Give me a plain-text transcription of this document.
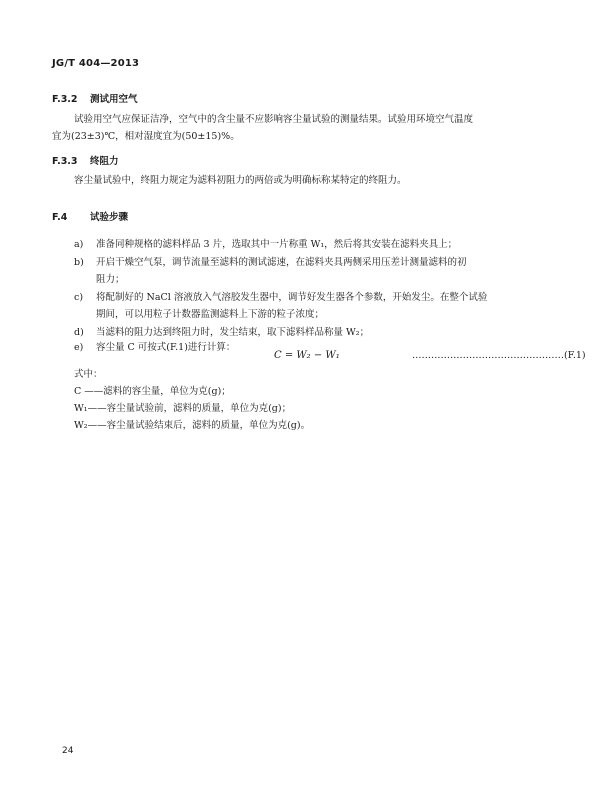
JG/T 404—2013
F.3.2 测试用空气
试验用空气应保证洁净，空气中的含尘量不应影响容尘量试验的测量结果。试验用环境空气温度
宜为(23±3)℃，相对湿度宜为(50±15)%。
F.3.3 终阻力
容尘量试验中，终阻力规定为滤料初阻力的两倍或为明确标称某特定的终阻力。
F.4 试验步骤
a)	准备同种规格的滤料样品 3 片，选取其中一片称重 W₁，然后将其安装在滤料夹具上；
b)	开启干燥空气泵，调节流量至滤料的测试滤速，在滤料夹具两侧采用压差计测量滤料的初
阻力；
c)	将配制好的 NaCl 溶液放入气溶胶发生器中，调节好发生器各个参数，开始发尘。在整个试验
期间，可以用粒子计数器监测滤料上下游的粒子浓度；
d)	当滤料的阻力达到终阻力时，发尘结束，取下滤料样品称量 W₂；
e)	容尘量 C 可按式(F.1)进行计算：
C = W₂ − W₁	…………………………………………(F.1)
式中：
C ——滤料的容尘量，单位为克(g)；
W₁——容尘量试验前，滤料的质量，单位为克(g)；
W₂——容尘量试验结束后，滤料的质量，单位为克(g)。
24
